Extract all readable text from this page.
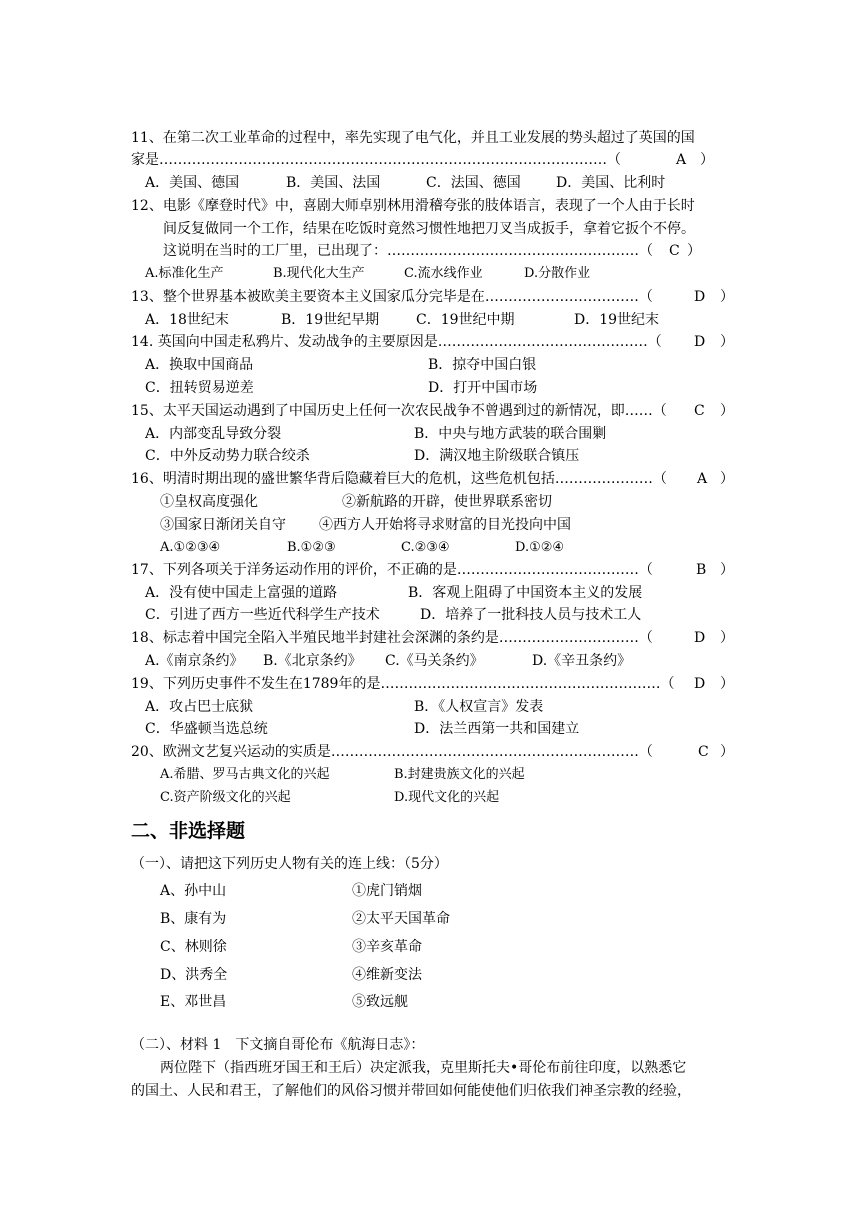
11、在第二次工业革命的过程中，率先实现了电气化，并且工业发展的势头超过了英国的国
家是……………………………………………………………………………………（	A ）
A．美国、德国	B．美国、法国	C．法国、德国	D．美国、比利时
12、电影《摩登时代》中，喜剧大师卓别林用滑稽夸张的肢体语言，表现了一个人由于长时
间反复做同一个工作，结果在吃饭时竟然习惯性地把刀叉当成扳手，拿着它扳个不停。
这说明在当时的工厂里，已出现了：………………………………………………（ C ）
A.标准化生产	B.现代化大生产	C.流水线作业	D.分散作业
13、整个世界基本被欧美主要资本主义国家瓜分完毕是在……………………………（	D ）
A．18世纪末	B．19世纪早期	C．19世纪中期	D．19世纪末
14. 英国向中国走私鸦片、发动战争的主要原因是………………………………………（ D ）
A．换取中国商品	B．掠夺中国白银
C．扭转贸易逆差	D．打开中国市场
15、太平天国运动遇到了中国历史上任何一次农民战争不曾遇到过的新情况，即……（ C ）
A．内部变乱导致分裂	B．中央与地方武装的联合围剿
C．中外反动势力联合绞杀	D．满汉地主阶级联合镇压
16、明清时期出现的盛世繁华背后隐藏着巨大的危机，这些危机包括…………………（ A ）
①皇权高度强化	②新航路的开辟，使世界联系密切
③国家日渐闭关自守 ④西方人开始将寻求财富的目光投向中国
A.①②③④	B.①②③	C.②③④	D.①②④
17、下列各项关于洋务运动作用的评价，不正确的是…………………………………（	B ）
A．没有使中国走上富强的道路	B．客观上阻碍了中国资本主义的发展
C．引进了西方一些近代科学生产技术	D．培养了一批科技人员与技术工人
18、标志着中国完全陷入半殖民地半封建社会深渊的条约是…………………………（	D ）
A.《南京条约》 B.《北京条约》 C.《马关条约》	D.《辛丑条约》
19、下列历史事件不发生在1789年的是……………………………………………………（ D ）
A．攻占巴士底狱	B．《人权宣言》发表
C．华盛顿当选总统	D．法兰西第一共和国建立
20、欧洲文艺复兴运动的实质是…………………………………………………………（	C ）
A.希腊、罗马古典文化的兴起	B.封建贵族文化的兴起
C.资产阶级文化的兴起	D.现代文化的兴起
二、非选择题
（一）、请把这下列历史人物有关的连上线：（5分）
A、孙中山	①虎门销烟
B、康有为	②太平天国革命
C、林则徐	③辛亥革命
D、洪秀全	④维新变法
E、邓世昌	⑤致远舰
（二）、材料 1　下文摘自哥伦布《航海日志》：
两位陛下（指西班牙国王和王后）决定派我，克里斯托夫•哥伦布前往印度，以熟悉它
的国土、人民和君王，了解他们的风俗习惯并带回如何能使他们归依我们神圣宗教的经验，
